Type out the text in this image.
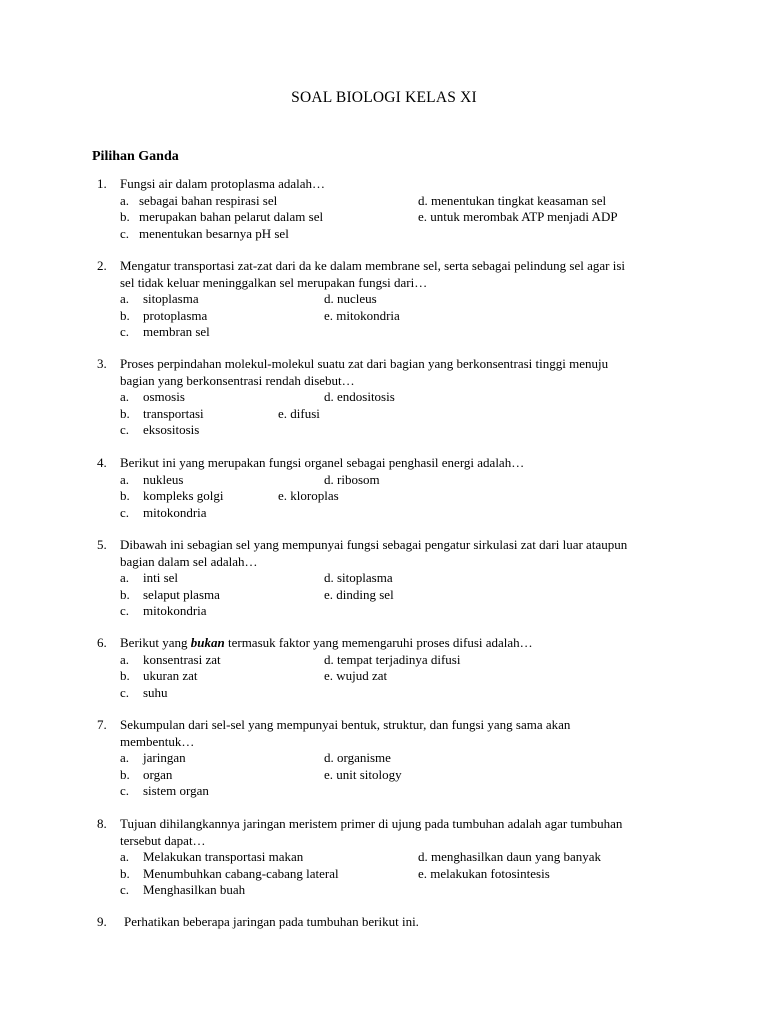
SOAL BIOLOGI KELAS XI
Pilihan Ganda
1. Fungsi air dalam protoplasma adalah…
a. sebagai bahan respirasi sel	d. menentukan tingkat keasaman sel
b. merupakan bahan pelarut dalam sel	e. untuk merombak ATP menjadi ADP
c. menentukan besarnya pH sel
2. Mengatur transportasi zat-zat dari da ke dalam membrane sel, serta sebagai pelindung sel agar isi
sel tidak keluar meninggalkan sel merupakan fungsi dari…
a. sitoplasma	d. nucleus
b. protoplasma	e. mitokondria
c. membran sel
3. Proses perpindahan molekul-molekul suatu zat dari bagian yang berkonsentrasi tinggi menuju
bagian yang berkonsentrasi rendah disebut…
a. osmosis	d. endositosis
b. transportasi	e. difusi
c. eksositosis
4. Berikut ini yang merupakan fungsi organel sebagai penghasil energi adalah…
a. nukleus	d. ribosom
b. kompleks golgi	e. kloroplas
c. mitokondria
5. Dibawah ini sebagian sel yang mempunyai fungsi sebagai pengatur sirkulasi zat dari luar ataupun
bagian dalam sel adalah…
a. inti sel	d. sitoplasma
b. selaput plasma	e. dinding sel
c. mitokondria
6. Berikut yang bukan termasuk faktor yang memengaruhi proses difusi adalah…
a. konsentrasi zat	d. tempat terjadinya difusi
b. ukuran zat	e. wujud zat
c. suhu
7. Sekumpulan dari sel-sel yang mempunyai bentuk, struktur, dan fungsi yang sama akan
membentuk…
a. jaringan	d. organisme
b. organ	e. unit sitology
c. sistem organ
8. Tujuan dihilangkannya jaringan meristem primer di ujung pada tumbuhan adalah agar tumbuhan
tersebut dapat…
a. Melakukan transportasi makan	d. menghasilkan daun yang banyak
b. Menumbuhkan cabang-cabang lateral	e. melakukan fotosintesis
c. Menghasilkan buah
9. Perhatikan beberapa jaringan pada tumbuhan berikut ini.
